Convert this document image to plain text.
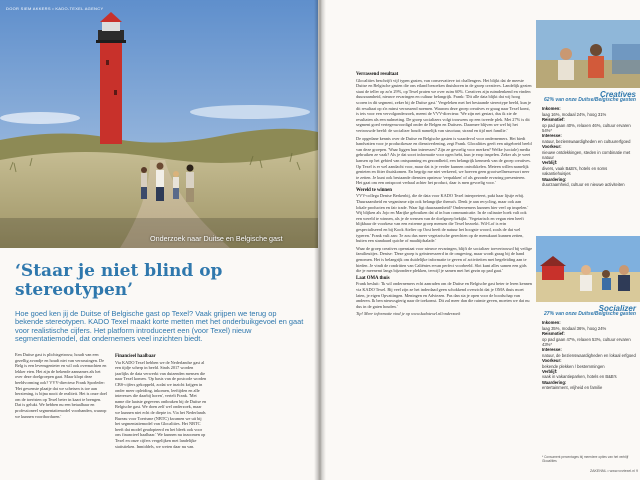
DOOR SIEM AKKERS • KADO-TEXEL AGENCY
Onderzoek naar Duitse en Belgische gast
‘Staar je niet blind op stereotypen’
Hoe goed ken jij de Duitse of Belgische gast op Texel? Vaak grijpen we terug op bekende stereotypen. KADO Texel maakt korte metten met het onderbuikgevoel en gaat voor realistische cijfers. Het platform introduceert een (voor Texel) nieuw segmentatiemodel, dat ondernemers veel inzichten biedt.

Een Duitse gast is plichtsgetrouw, houdt van een gezellig avondje en houdt niet van verrassingen. De Belg is een levensgenieter en wil ook overnachten en lekker eten. Het zijn de bekende aannames als het over deze doelgroepen gaat. Maar klopt deze beeldvorming ook? VVV-directeur Frank Sporleder: 'Het gewenste plaatje dat we schetsen is toe aan herziening, is bijna nooit de realiteit. Het is onze doel om de toeristen op Texel beter in kaart te brengen. Dat is gelukt. We hebben nu een betaalbaar en professioneel segmentatiemodel voorhanden, waarop we kunnen voortborduren.'

Financieel haalbaar

Via KADO Texel hebben we de Nederlandse gast al een tijdje scherp in beeld. Sinds 2017 worden jaarlijks de data verwerkt van duizenden mensen die naar Texel komen. 'Op basis van de postcode worden CBS-cijfers gekoppeld, zodat we inzicht krijgen in onder meer opleiding, inkomen, leeftijden en alle interesses die daarbij horen', vertelt Frank. 'Met name die laatste gegevens ontbraken bij de Duitse en Belgische gast. We doen zelf wel onderzoek, maar we kunnen niet echt de diepte in. Via het Nederlands Bureau voor Toerisme (NBTC) kwamen we uit bij het segmentatiemodel van Glocalities. Het NBTC heeft dat model geadopteerd en het bleek ook voor ons financieel haalbaar.' We kunnen nu inzoomen op Texel en onze cijfers vergelijken met landelijke statistieken. Inmiddels, we weten daar nu van.

Verrassend resultaat

Glocalities beschrijft vijf typen gasten, van conservatieve tot challengers. Het blijkt dat de meeste Duitse en Belgische gasten die ons eiland bezoeken thuishoren in de groep creatives. Landelijk gezien staat de teller op zo'n 29%, op Texel praten we over ruim 60%. Creatives zijn ruimdenkend en vinden duurzaamheid, nieuwe ervaringen en cultuur belangrijk. Frank: 'Dit alle data blijkt dat wij hoog scoren in dit segment, zeker bij de Duitse gast.' Vergeleken met het bestaande stereotype beeld, kun je dit resultaat op z'n minst verrassend noemen. Waarom deze groep creatives er graag naar Texel komt, is iets voor een vervolgonderzoek, meent de VVV-directeur. 'We zijn net gestart, dus ik zie de resultaten als een nulmeting. De groep socializers volgt trouwens op een tweede plek. Met 27% is dit segment goed vertegenwoordigd onder de Belgen en Duitsers. Daarmee blijven we wel bij het vertrouwde beeld: de socializer houdt namelijk van structuur, strand en tijd met familie.'

De opgedane kennis over de Duitse en Belgische gasten is waardevol voor ondernemers. Het biedt handvatten voor je productkeuze en dienstverlening, zegt Frank. Glocalities geeft een uitgebreid beeld van deze groepen. 'Waar liggen hun interesses? Zijn ze gevoelig voor merken? Welke (sociale) media gebruiken ze vaak? Als je dat soort informatie voor ogen hebt, kun je erop inspelen. Zeker als je weet kansen op het gebied van ontspanning en gezondheid, een belangrijk kenmerk van de groep creatives. Op Texel is er wel aandacht voor, maar dat is je verder kunnen ontwikkelen. Meteen willen namelijk genieten en fitter thuiskomen. En begrijp me niet verkeerd, we hoeven geen grootwellnessresort neer te zetten. Je kunt ook bestaande diensten opnieuw 'verpakken' of als gezonde ervaring presenteren. Het gaat om een ontspoort verhaal achter het product, daar is men gevoelig voor.'

Wereld te winnen

VVV-collega Denise Berkenbij, die de data voor KADO Texel interpreteert, pakt haar lijstje erbij. 'Duurzaamheid en veganisme zijn ook belangrijke thema's. Denk je aan recycling, maar ook aan lokale producten en fair trade. Waar ligt duurzaamheid? Ondernemers kunnen hier veel op inspelen.' Wij blijken als Jojo en Marijke gebruiken dat al in hun communicatie. In de culinaire hoek valt ook een wereld te winnen, als je de wensen van de doelgroep bekijkt. 'Vegetarisch en vegan eten heeft blijkbaar de voorkeur van een extreme groep mensen die Texel bezoekt. Wil-Lof is erin gespecialiseerd en bij Kook Atelier op Oost heeft de natuur het hoogste woord, zoals de dat wel typeren.' Frank vult aan: 'Je zou dus meer vegetarische gerechten op de menukaart kunnen zetten, buiten een standaard quiche of maaltijdsalade.'

Waar de groep creatives openstaat voor nieuwe ervaringen, blijft de socializer toevertrouwd bij veilige familieuitjes. Denise: 'Deze groep is geïnteresseerd in de omgeving, maar wordt graag bij de hand genomen. Het is belangrijk om duidelijke informatie te geven of activiteiten met begeleiding aan te bieden. Je vindt de rondritten van Caliëntes ervan perfect voorbeeld. Slot kunt alles samen een gids die je meenemt langs bijzondere plekken, terwijl je samen met het gezin op pad gaat.'

Laat OMA thuis

Frank besluit: 'Ik wil ondernemers echt aanraden om de Duitse en Belgische gast beter te leren kennen via KADO Texel. Bij veel zijn ze het inderdaad geen schokkend overzicht dat je OMA thuis moet laten, je eigen Opvattingen. Meningen en Adviezen. Pas dan sta je open voor de boodschap van anderen. Ik ben nieuwsgierig naar de toekomst. Dit zal meer dan die ruimte geven, moeten we dat nu dus in de gaten houden.'

Tip! Meer informatie vind je op www.kadotexel.nl/onderzoek

Creatives
62% van onze Duitse/Belgische gasten
Inkomen:
laag 16%, modaal 24%, hoog 31%
Reismotief:
op pad gaan 40%, relaxen 46%, cultuur ervaren 54%*
Interesse:
natuur, bezienswaardigheden en cultuurerfgoed
Voorkeur:
nieuwe ontdekkingen, steden in combinatie met natuur
Verblijf:
divers, vaak B&B's, hotels en soms vakantiehuisjes
Waardering:
duurzaamheid, cultuur en nieuwe activiteiten
Socializer
27% van onze Duitse/Belgische gasten
Inkomen:
laag 35%, modaal 36%, hoog 24%
Reismotief:
op pad gaan 47%, relaxen 53%, cultuur ervaren 43%*
Interesse:
natuur, de bezienswaardigheden en lokaal erfgoed
Voorkeur:
bekende plekken / bestemmingen
Verblijf:
vaak in vakantieparken, hotels en B&B's
Waardering:
entertainment, vrijheid en familie
* Consument percentages bij meerdere opties van het verblijf Glocalities
ZAKENNL • www.vvvtexel.nl 9
